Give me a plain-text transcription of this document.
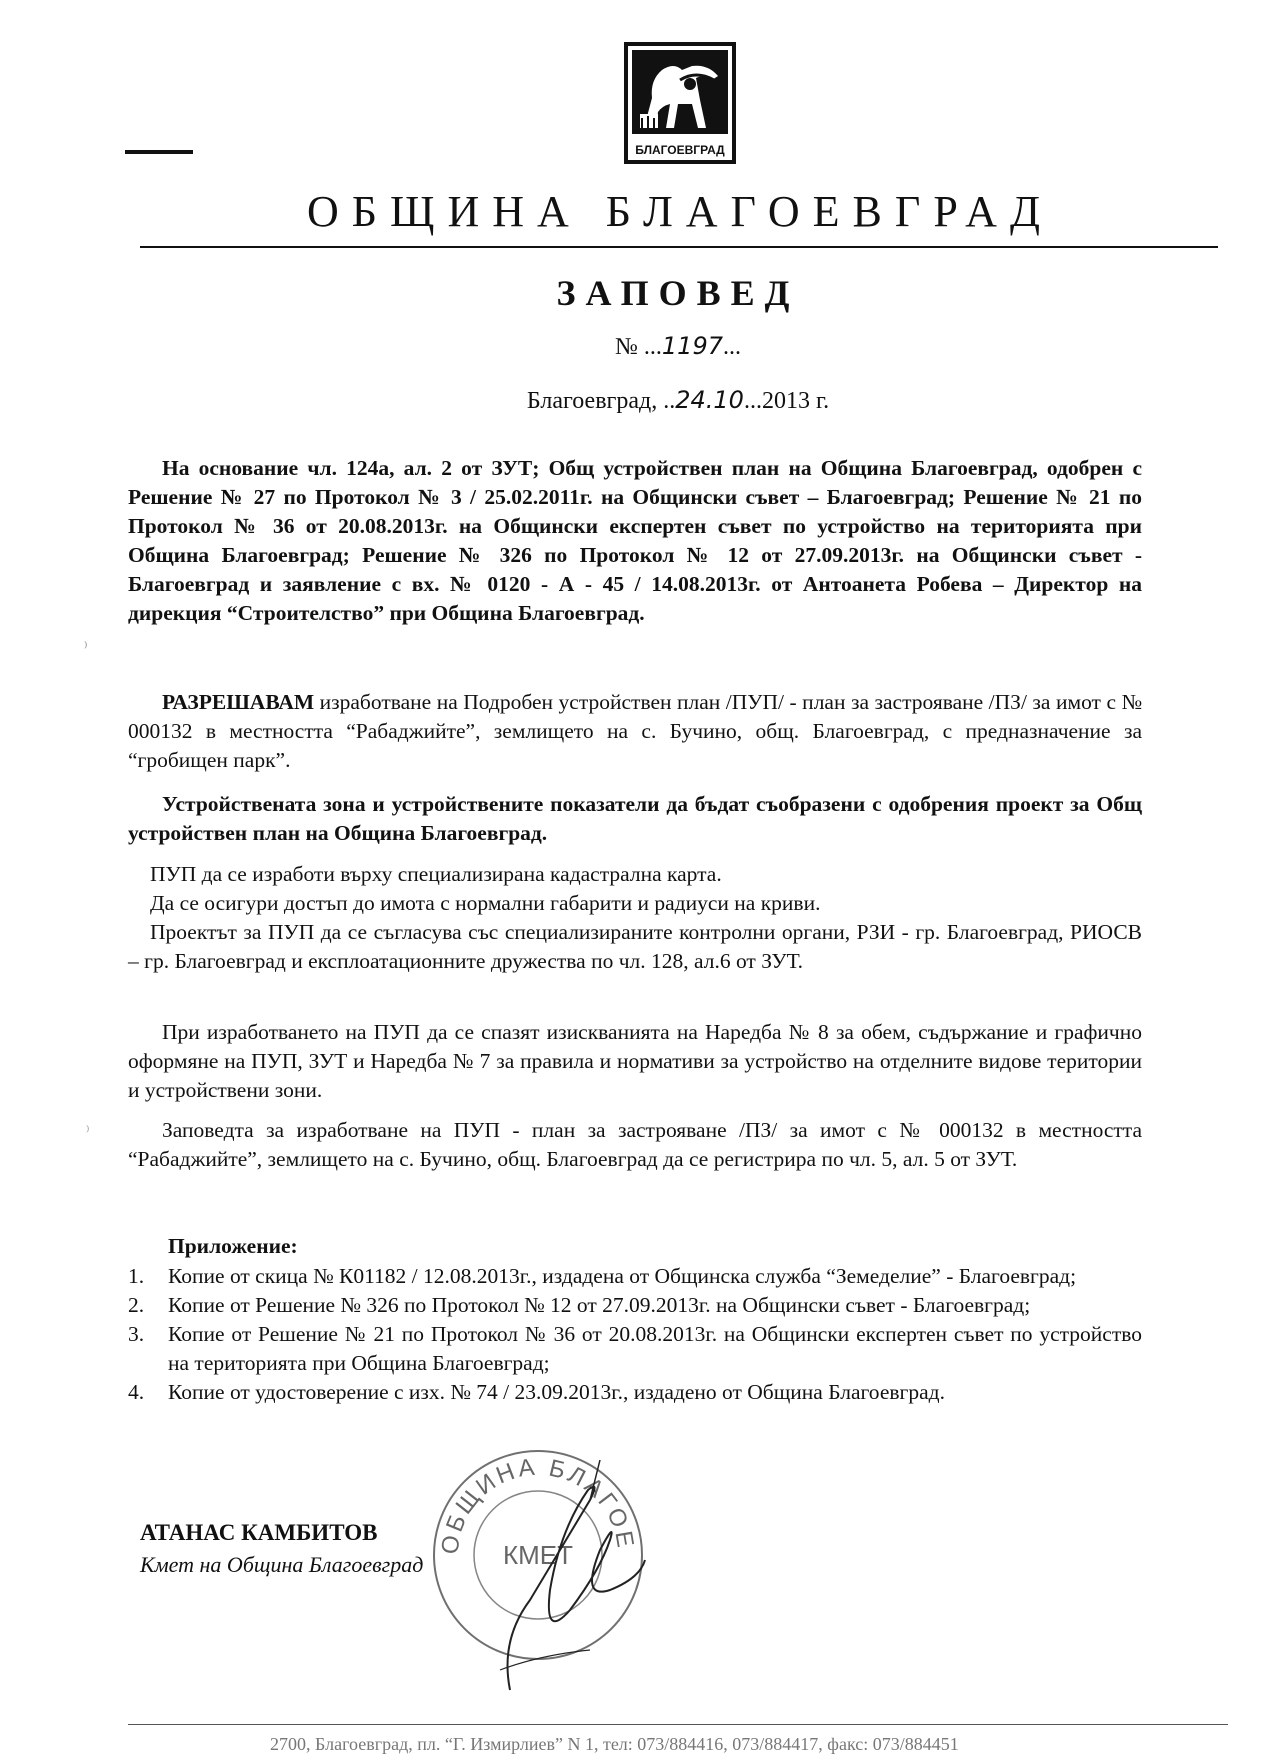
БЛАГОЕВГРАД
ОБЩИНА БЛАГОЕВГРАД
ЗАПОВЕД
№ ...1197...
Благоевград, ..24.10...2013 г.

На основание чл. 124а, ал. 2 от ЗУТ; Общ устройствен план на Община Благоевград, одобрен с Решение № 27 по Протокол № 3 / 25.02.2011г. на Общински съвет – Благоевград; Решение № 21 по Протокол № 36 от 20.08.2013г. на Общински експертен съвет по устройство на територията при Община Благоевград; Решение № 326 по Протокол № 12 от 27.09.2013г. на Общински съвет - Благоевград и заявление с вх. № 0120 - А - 45 / 14.08.2013г. от Антоанета Робева – Директор на дирекция “Строителство” при Община Благоевград.

РАЗРЕШАВАМ изработване на Подробен устройствен план /ПУП/ - план за застрояване /ПЗ/ за имот с № 000132 в местността “Рабаджийте”, землището на с. Бучино, общ. Благоевград, с предназначение за “гробищен парк”.

Устройствената зона и устройствените показатели да бъдат съобразени с одобрения проект за Общ устройствен план на Община Благоевград.

ПУП да се изработи върху специализирана кадастрална карта.

Да се осигури достъп до имота с нормални габарити и радиуси на криви.

Проектът за ПУП да се съгласува със специализираните контролни органи, РЗИ - гр. Благоевград, РИОСВ – гр. Благоевград и експлоатационните дружества по чл. 128, ал.6 от ЗУТ.

При изработването на ПУП да се спазят изискванията на Наредба № 8 за обем, съдържание и графично оформяне на ПУП, ЗУТ и Наредба № 7 за правила и нормативи за устройство на отделните видове територии и устройствени зони.

Заповедта за изработване на ПУП - план за застрояване /ПЗ/ за имот с № 000132 в местността “Рабаджийте”, землището на с. Бучино, общ. Благоевград да се регистрира по чл. 5, ал. 5 от ЗУТ.

Приложение:
1.	Копие от скица № К01182 / 12.08.2013г., издадена от Общинска служба “Земеделие” - Благоевград;
2.	Копие от Решение № 326 по Протокол № 12 от 27.09.2013г. на Общински съвет - Благоевград;
3.	Копие от Решение № 21 по Протокол № 36 от 20.08.2013г. на Общински експертен съвет по устройство на територията при Община Благоевград;
4.	Копие от удостоверение с изх. № 74 / 23.09.2013г., издадено от Община Благоевград.
ОБЩИНА БЛАГОЕ
КМЕТ
АТАНАС КАМБИТОВ
Кмет на Община Благоевград
⁾
⁾
2700, Благоевград, пл. “Г. Измирлиев” N 1, тел: 073/884416, 073/884417, факс: 073/884451
